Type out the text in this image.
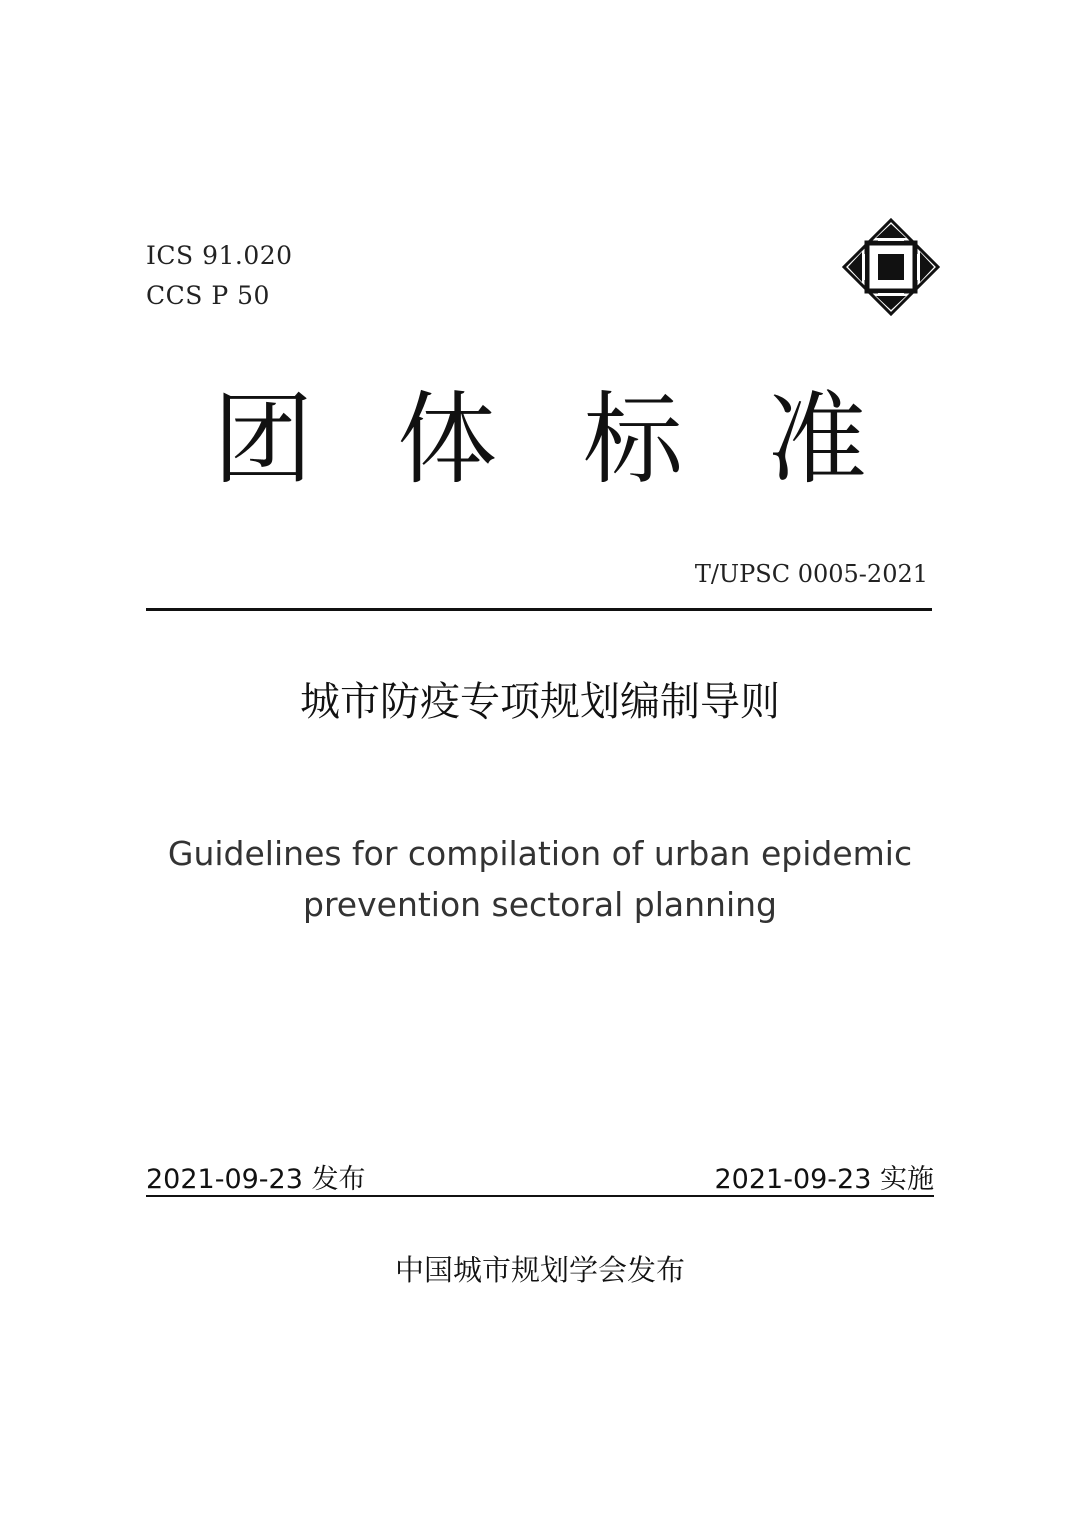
ICS 91.020
CCS P 50
团 体 标 准
T/UPSC 0005-2021
城市防疫专项规划编制导则
Guidelines for compilation of urban epidemic
prevention sectoral planning
2021-09-23 发布	2021-09-23 实施
中国城市规划学会发布
